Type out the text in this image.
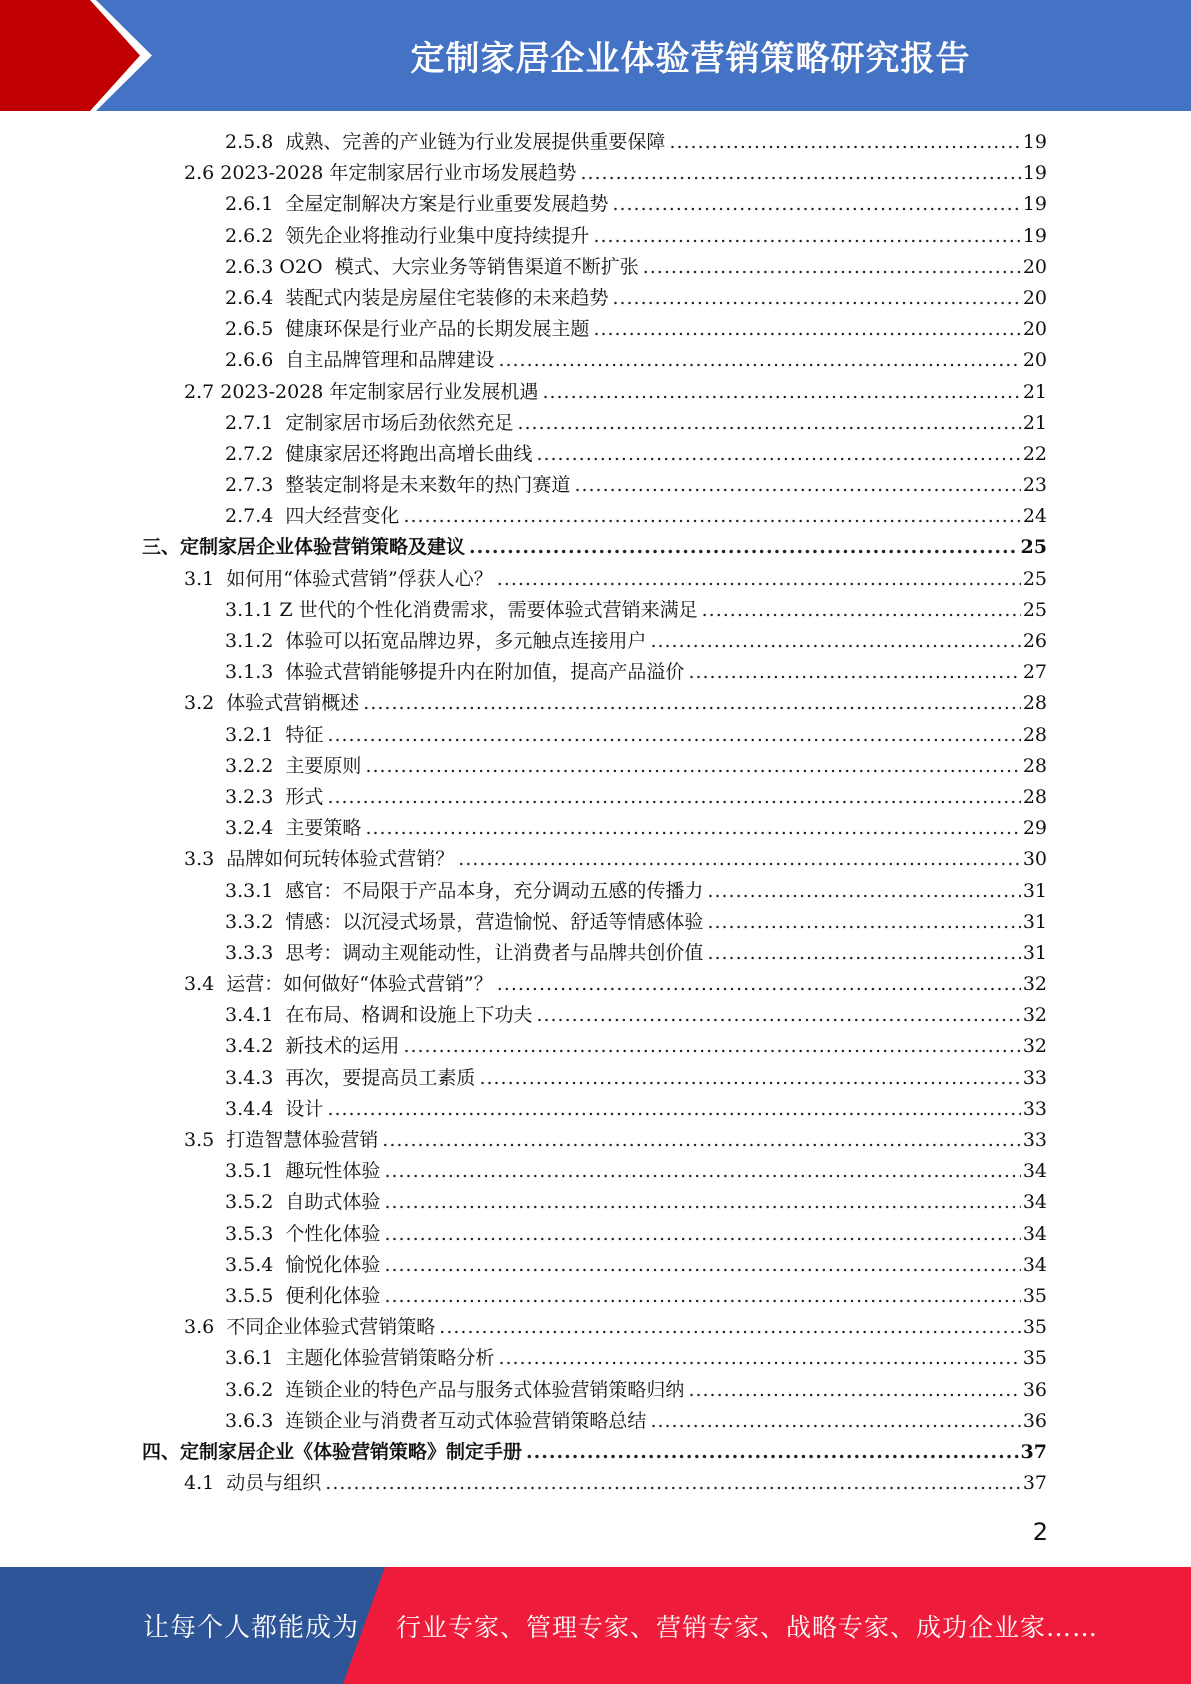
定制家居企业体验营销策略研究报告
2.5.8  成熟、完善的产业链为行业发展提供重要保障 .....	19
2.6 2023-2028 年定制家居行业市场发展趋势 .....	19
2.6.1  全屋定制解决方案是行业重要发展趋势 .....	19
2.6.2  领先企业将推动行业集中度持续提升 .....	19
2.6.3 O2O  模式、大宗业务等销售渠道不断扩张 .....	20
2.6.4  装配式内装是房屋住宅装修的未来趋势 .....	20
2.6.5  健康环保是行业产品的长期发展主题 .....	20
2.6.6  自主品牌管理和品牌建设 .....	20
2.7 2023-2028 年定制家居行业发展机遇 .....	21
2.7.1  定制家居市场后劲依然充足 .....	21
2.7.2  健康家居还将跑出高增长曲线 .....	22
2.7.3  整装定制将是未来数年的热门赛道 .....	23
2.7.4  四大经营变化 .....	24
三、定制家居企业体验营销策略及建议 .....	25
3.1  如何用“体验式营销”俘获人心？ .....	25
3.1.1 Z 世代的个性化消费需求，需要体验式营销来满足 .....	25
3.1.2  体验可以拓宽品牌边界，多元触点连接用户 .....	26
3.1.3  体验式营销能够提升内在附加值，提高产品溢价 .....	27
3.2  体验式营销概述 .....	28
3.2.1  特征 .....	28
3.2.2  主要原则 .....	28
3.2.3  形式 .....	28
3.2.4  主要策略 .....	29
3.3  品牌如何玩转体验式营销？ .....	30
3.3.1  感官：不局限于产品本身，充分调动五感的传播力 .....	31
3.3.2  情感：以沉浸式场景，营造愉悦、舒适等情感体验 .....	31
3.3.3  思考：调动主观能动性，让消费者与品牌共创价值 .....	31
3.4  运营：如何做好“体验式营销”？ .....	32
3.4.1  在布局、格调和设施上下功夫 .....	32
3.4.2  新技术的运用 .....	32
3.4.3  再次，要提高员工素质 .....	33
3.4.4  设计 .....	33
3.5  打造智慧体验营销 .....	33
3.5.1  趣玩性体验 .....	34
3.5.2  自助式体验 .....	34
3.5.3  个性化体验 .....	34
3.5.4  愉悦化体验 .....	34
3.5.5  便利化体验 .....	35
3.6  不同企业体验式营销策略 .....	35
3.6.1  主题化体验营销策略分析 .....	35
3.6.2  连锁企业的特色产品与服务式体验营销策略归纳 .....	36
3.6.3  连锁企业与消费者互动式体验营销策略总结 .....	36
四、定制家居企业《体验营销策略》制定手册 .....	37
4.1  动员与组织 .....	37
2
让每个人都能成为 行业专家、管理专家、营销专家、战略专家、成功企业家……
